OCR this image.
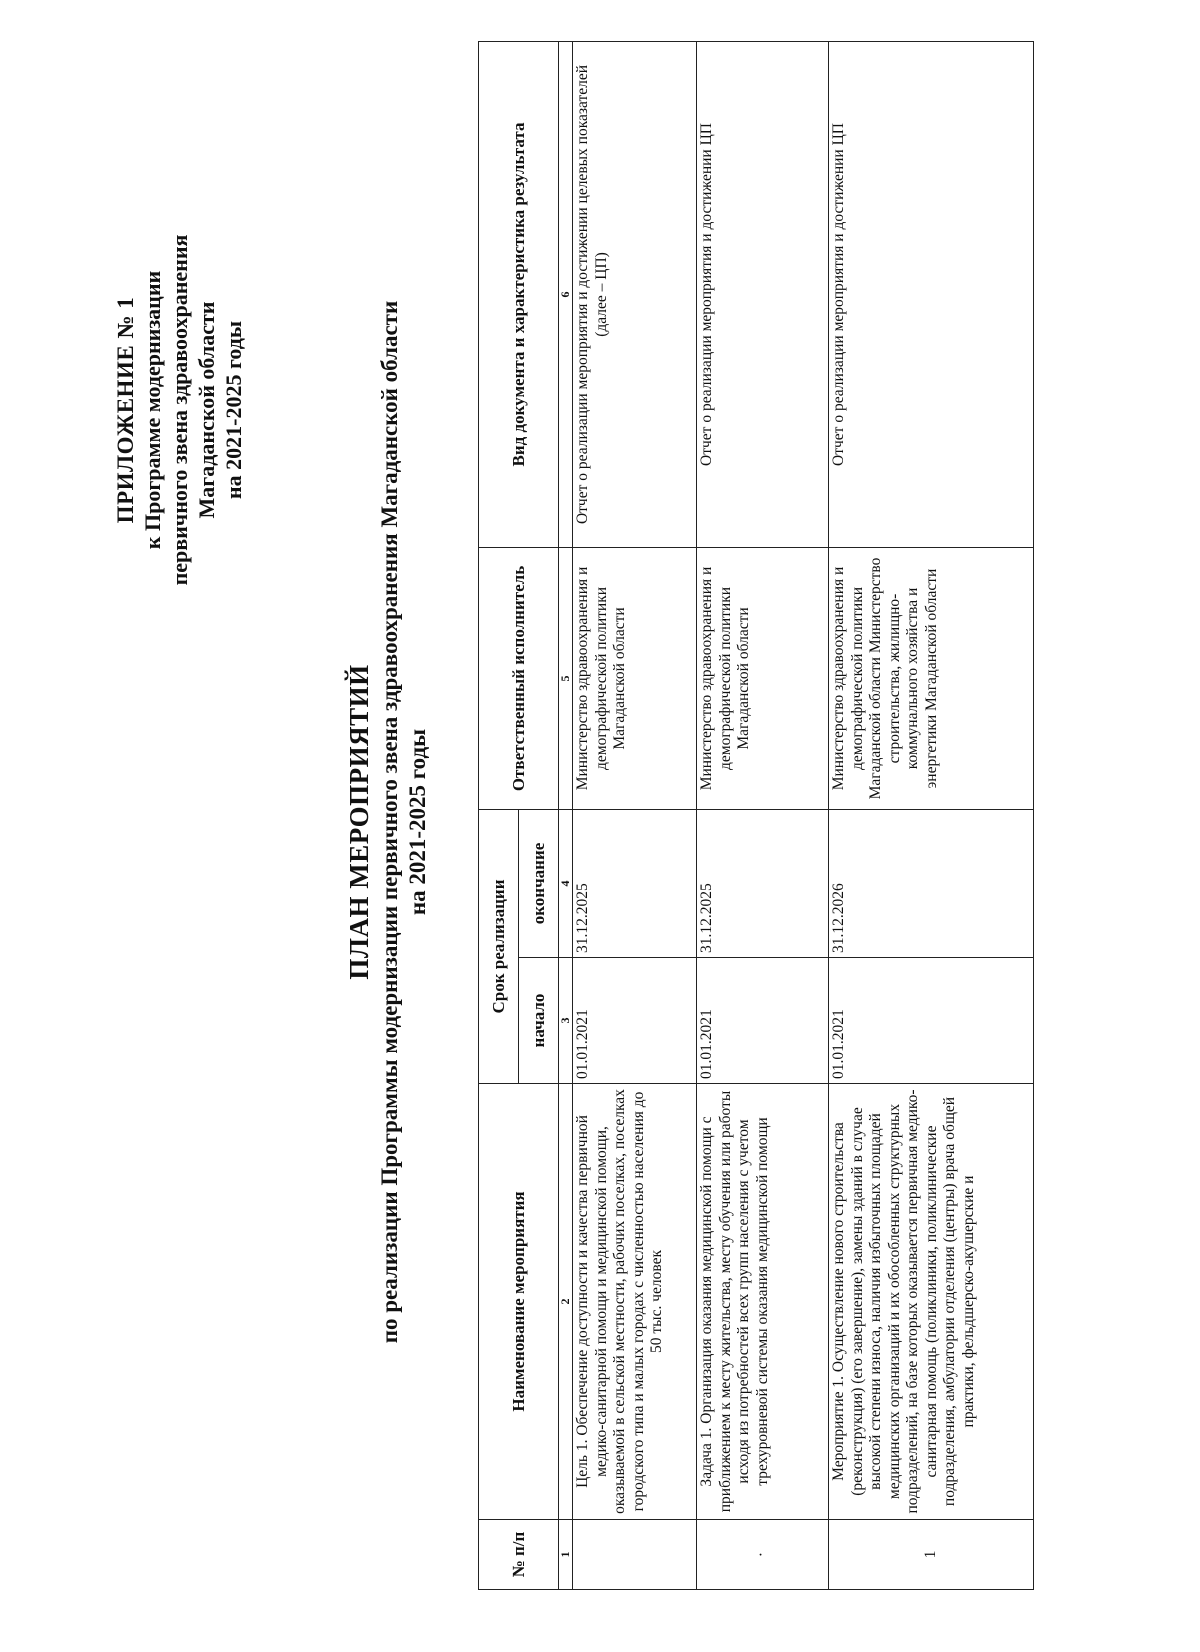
ПРИЛОЖЕНИЕ № 1 к Программе модернизации первичного звена здравоохранения Магаданской области на 2021-2025 годы
ПЛАН МЕРОПРИЯТИЙ по реализации Программы модернизации первичного звена здравоохранения Магаданской области на 2021-2025 годы
№ п/п	Наименование мероприятия	Срок реализации		Ответственный исполнитель	Вид документа и характеристика результата
		начало	окончание		
1	2	3	4	5	6
	Цель 1. Обеспечение доступности и качества первичной медико-санитарной помощи и медицинской помощи, оказываемой в сельской местности, рабочих поселках, поселках городского типа и малых городах с численностью населения до 50 тыс. человек	01.01.2021	31.12.2025	Министерство здравоохранения и демографической политики Магаданской области	Отчет о реализации мероприятия и достижении целевых показателей (далее – ЦП)
·	Задача 1. Организация оказания медицинской помощи с приближением к месту жительства, месту обучения или работы исходя из потребностей всех групп населения с учетом трехуровневой системы оказания медицинской помощи	01.01.2021	31.12.2025	Министерство здравоохранения и демографической политики Магаданской области	Отчет о реализации мероприятия и достижении ЦП
1	Мероприятие 1. Осуществление нового строительства (реконструкция) (его завершение), замены зданий в случае высокой степени износа, наличия избыточных площадей медицинских организаций и их обособленных структурных подразделений, на базе которых оказывается первичная медико-санитарная помощь (поликлиники, поликлинические подразделения, амбулатории отделения (центры) врача общей практики, фельдшерско-акушерские и	01.01.2021	31.12.2026	Министерство здравоохранения и демографической политики Магаданской области Министерство строительства, жилищно-коммунального хозяйства и энергетики Магаданской области	Отчет о реализации мероприятия и достижении ЦП
